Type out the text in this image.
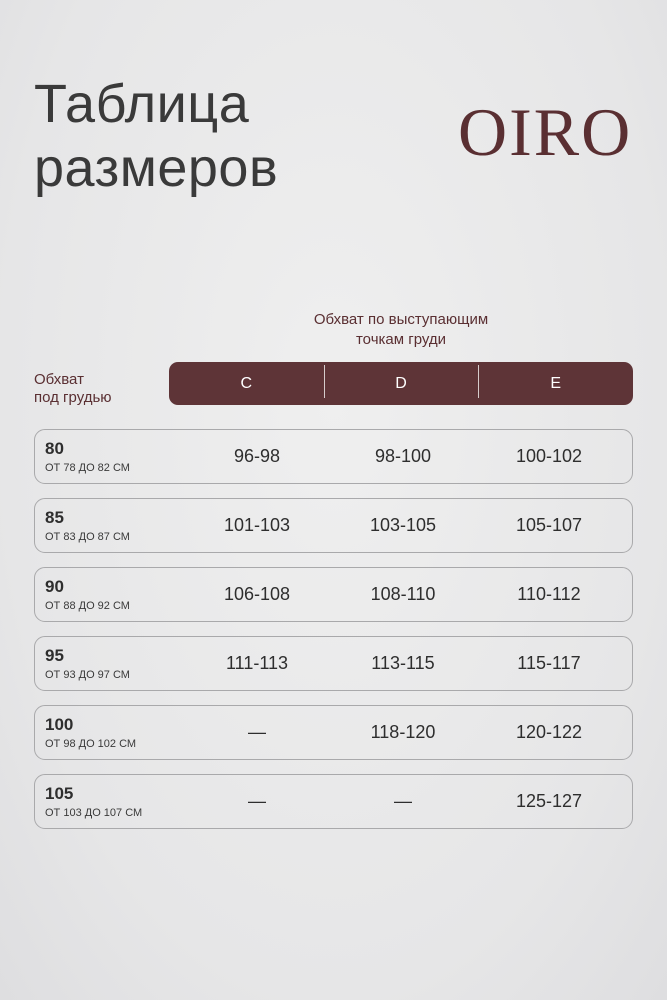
Таблица
размеров	OIRO
Обхват по выступающим
точкам груди
Обхват
под грудью
C	D	E
80
ОТ 78 ДО 82 СМ
96-98	98-100	100-102
85
ОТ 83 ДО 87 СМ
101-103	103-105	105-107
90
ОТ 88 ДО 92 СМ
106-108	108-110	110-112
95
ОТ 93 ДО 97 СМ
111-113	113-115	115-117
100
ОТ 98 ДО 102 СМ
—	118-120	120-122
105
ОТ 103 ДО 107 СМ
—	—	125-127
